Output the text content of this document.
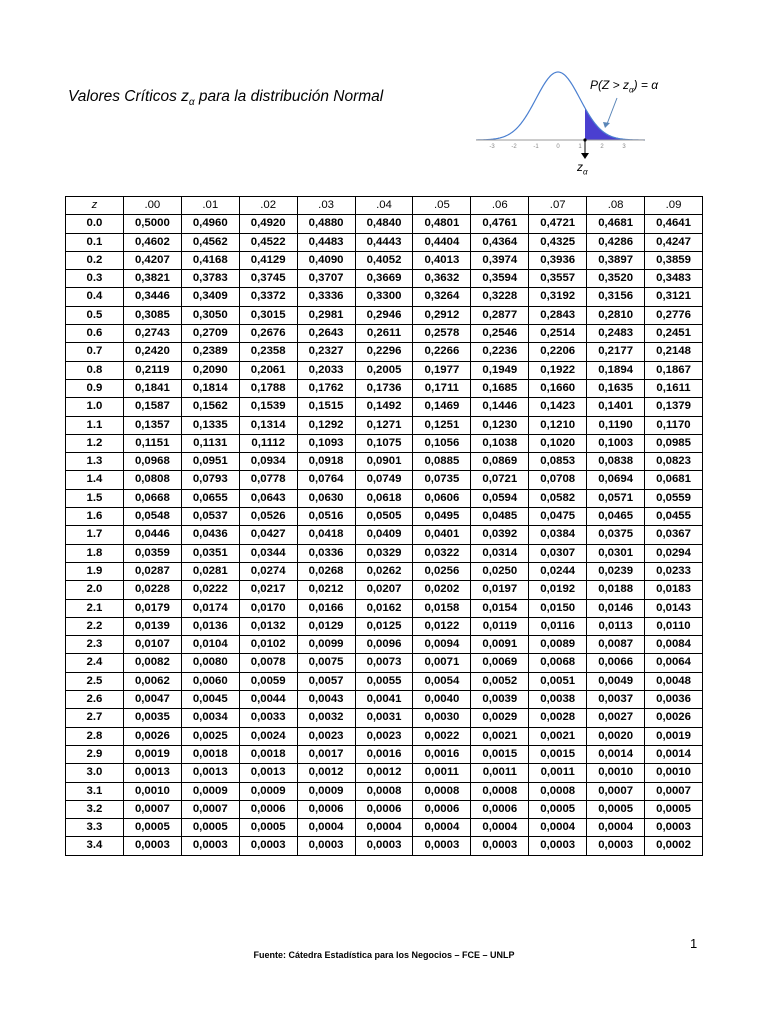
Valores Críticos $z_\alpha$ para la distribución Normal
-3	-2	-1	0	1	2	3
$P(Z > z_\alpha) = \alpha$
$z_\alpha$
z	.00	.01	.02	.03	.04	.05	.06	.07	.08	.09
0.0	0,5000	0,4960	0,4920	0,4880	0,4840	0,4801	0,4761	0,4721	0,4681	0,4641
0.1	0,4602	0,4562	0,4522	0,4483	0,4443	0,4404	0,4364	0,4325	0,4286	0,4247
0.2	0,4207	0,4168	0,4129	0,4090	0,4052	0,4013	0,3974	0,3936	0,3897	0,3859
0.3	0,3821	0,3783	0,3745	0,3707	0,3669	0,3632	0,3594	0,3557	0,3520	0,3483
0.4	0,3446	0,3409	0,3372	0,3336	0,3300	0,3264	0,3228	0,3192	0,3156	0,3121
0.5	0,3085	0,3050	0,3015	0,2981	0,2946	0,2912	0,2877	0,2843	0,2810	0,2776
0.6	0,2743	0,2709	0,2676	0,2643	0,2611	0,2578	0,2546	0,2514	0,2483	0,2451
0.7	0,2420	0,2389	0,2358	0,2327	0,2296	0,2266	0,2236	0,2206	0,2177	0,2148
0.8	0,2119	0,2090	0,2061	0,2033	0,2005	0,1977	0,1949	0,1922	0,1894	0,1867
0.9	0,1841	0,1814	0,1788	0,1762	0,1736	0,1711	0,1685	0,1660	0,1635	0,1611
1.0	0,1587	0,1562	0,1539	0,1515	0,1492	0,1469	0,1446	0,1423	0,1401	0,1379
1.1	0,1357	0,1335	0,1314	0,1292	0,1271	0,1251	0,1230	0,1210	0,1190	0,1170
1.2	0,1151	0,1131	0,1112	0,1093	0,1075	0,1056	0,1038	0,1020	0,1003	0,0985
1.3	0,0968	0,0951	0,0934	0,0918	0,0901	0,0885	0,0869	0,0853	0,0838	0,0823
1.4	0,0808	0,0793	0,0778	0,0764	0,0749	0,0735	0,0721	0,0708	0,0694	0,0681
1.5	0,0668	0,0655	0,0643	0,0630	0,0618	0,0606	0,0594	0,0582	0,0571	0,0559
1.6	0,0548	0,0537	0,0526	0,0516	0,0505	0,0495	0,0485	0,0475	0,0465	0,0455
1.7	0,0446	0,0436	0,0427	0,0418	0,0409	0,0401	0,0392	0,0384	0,0375	0,0367
1.8	0,0359	0,0351	0,0344	0,0336	0,0329	0,0322	0,0314	0,0307	0,0301	0,0294
1.9	0,0287	0,0281	0,0274	0,0268	0,0262	0,0256	0,0250	0,0244	0,0239	0,0233
2.0	0,0228	0,0222	0,0217	0,0212	0,0207	0,0202	0,0197	0,0192	0,0188	0,0183
2.1	0,0179	0,0174	0,0170	0,0166	0,0162	0,0158	0,0154	0,0150	0,0146	0,0143
2.2	0,0139	0,0136	0,0132	0,0129	0,0125	0,0122	0,0119	0,0116	0,0113	0,0110
2.3	0,0107	0,0104	0,0102	0,0099	0,0096	0,0094	0,0091	0,0089	0,0087	0,0084
2.4	0,0082	0,0080	0,0078	0,0075	0,0073	0,0071	0,0069	0,0068	0,0066	0,0064
2.5	0,0062	0,0060	0,0059	0,0057	0,0055	0,0054	0,0052	0,0051	0,0049	0,0048
2.6	0,0047	0,0045	0,0044	0,0043	0,0041	0,0040	0,0039	0,0038	0,0037	0,0036
2.7	0,0035	0,0034	0,0033	0,0032	0,0031	0,0030	0,0029	0,0028	0,0027	0,0026
2.8	0,0026	0,0025	0,0024	0,0023	0,0023	0,0022	0,0021	0,0021	0,0020	0,0019
2.9	0,0019	0,0018	0,0018	0,0017	0,0016	0,0016	0,0015	0,0015	0,0014	0,0014
3.0	0,0013	0,0013	0,0013	0,0012	0,0012	0,0011	0,0011	0,0011	0,0010	0,0010
3.1	0,0010	0,0009	0,0009	0,0009	0,0008	0,0008	0,0008	0,0008	0,0007	0,0007
3.2	0,0007	0,0007	0,0006	0,0006	0,0006	0,0006	0,0006	0,0005	0,0005	0,0005
3.3	0,0005	0,0005	0,0005	0,0004	0,0004	0,0004	0,0004	0,0004	0,0004	0,0003
3.4	0,0003	0,0003	0,0003	0,0003	0,0003	0,0003	0,0003	0,0003	0,0003	0,0002
1
Fuente: Cátedra Estadística para los Negocios – FCE – UNLP
